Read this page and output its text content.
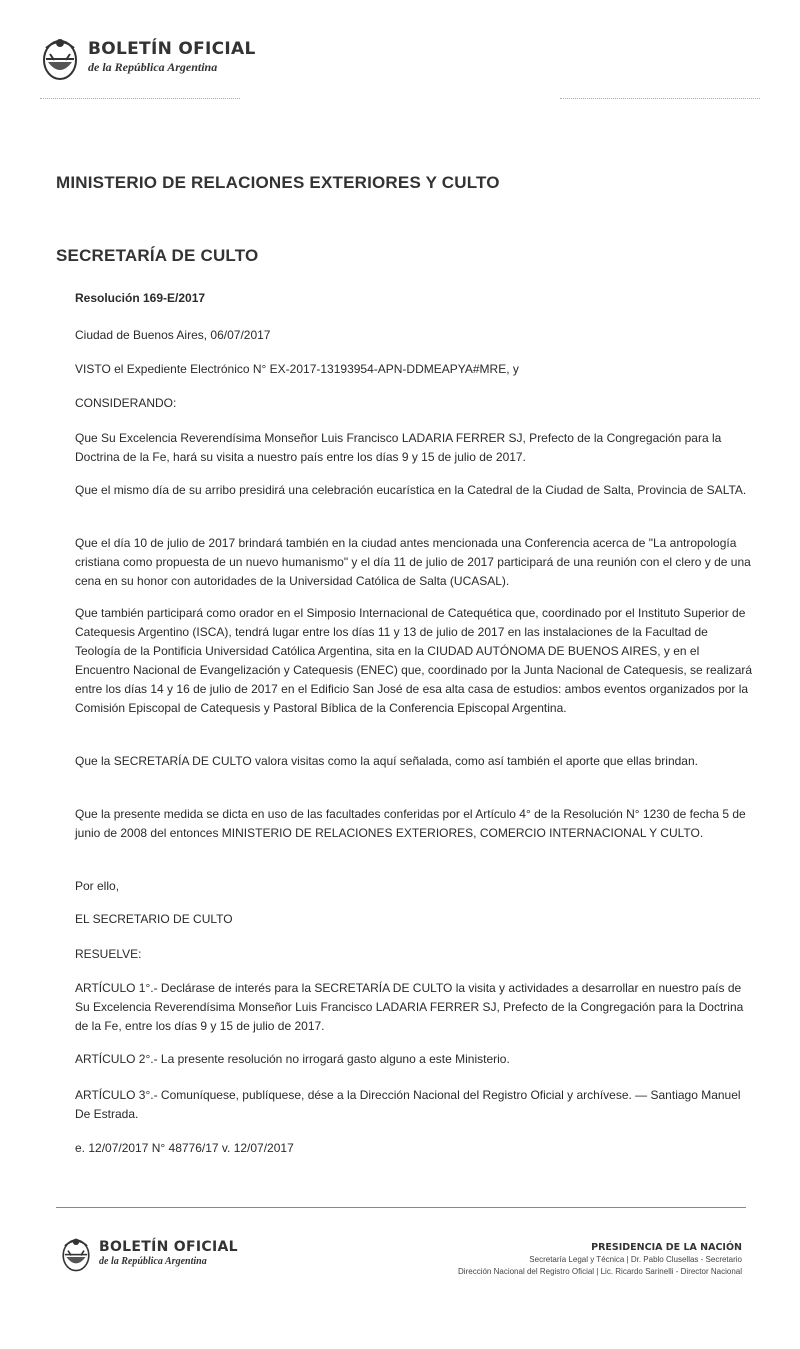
BOLETÍN OFICIAL
de la República Argentina
MINISTERIO DE RELACIONES EXTERIORES Y CULTO
SECRETARÍA DE CULTO
Resolución 169-E/2017
Ciudad de Buenos Aires, 06/07/2017
VISTO el Expediente Electrónico N° EX-2017-13193954-APN-DDMEAPYA#MRE, y
CONSIDERANDO:
Que Su Excelencia Reverendísima Monseñor Luis Francisco LADARIA FERRER SJ, Prefecto de la Congregación para la Doctrina de la Fe, hará su visita a nuestro país entre los días 9 y 15 de julio de 2017.
Que el mismo día de su arribo presidirá una celebración eucarística en la Catedral de la Ciudad de Salta, Provincia de SALTA.
Que el día 10 de julio de 2017 brindará también en la ciudad antes mencionada una Conferencia acerca de "La antropología cristiana como propuesta de un nuevo humanismo" y el día 11 de julio de 2017 participará de una reunión con el clero y de una cena en su honor con autoridades de la Universidad Católica de Salta (UCASAL).
Que también participará como orador en el Simposio Internacional de Catequética que, coordinado por el Instituto Superior de Catequesis Argentino (ISCA), tendrá lugar entre los días 11 y 13 de julio de 2017 en las instalaciones de la Facultad de Teología de la Pontificia Universidad Católica Argentina, sita en la CIUDAD AUTÓNOMA DE BUENOS AIRES, y en el Encuentro Nacional de Evangelización y Catequesis (ENEC) que, coordinado por la Junta Nacional de Catequesis, se realizará entre los días 14 y 16 de julio de 2017 en el Edificio San José de esa alta casa de estudios: ambos eventos organizados por la Comisión Episcopal de Catequesis y Pastoral Bíblica de la Conferencia Episcopal Argentina.
Que la SECRETARÍA DE CULTO valora visitas como la aquí señalada, como así también el aporte que ellas brindan.
Que la presente medida se dicta en uso de las facultades conferidas por el Artículo 4° de la Resolución N° 1230 de fecha 5 de junio de 2008 del entonces MINISTERIO DE RELACIONES EXTERIORES, COMERCIO INTERNACIONAL Y CULTO.
Por ello,
EL SECRETARIO DE CULTO
RESUELVE:
ARTÍCULO 1°.- Declárase de interés para la SECRETARÍA DE CULTO la visita y actividades a desarrollar en nuestro país de Su Excelencia Reverendísima Monseñor Luis Francisco LADARIA FERRER SJ, Prefecto de la Congregación para la Doctrina de la Fe, entre los días 9 y 15 de julio de 2017.
ARTÍCULO 2°.- La presente resolución no irrogará gasto alguno a este Ministerio.
ARTÍCULO 3°.- Comuníquese, publíquese, dése a la Dirección Nacional del Registro Oficial y archívese. — Santiago Manuel De Estrada.
e. 12/07/2017 N° 48776/17 v. 12/07/2017
BOLETÍN OFICIAL
de la República Argentina
PRESIDENCIA DE LA NACIÓN
Secretaría Legal y Técnica | Dr. Pablo Clusellas - Secretario
Dirección Nacional del Registro Oficial | Lic. Ricardo Sarinelli - Director Nacional
